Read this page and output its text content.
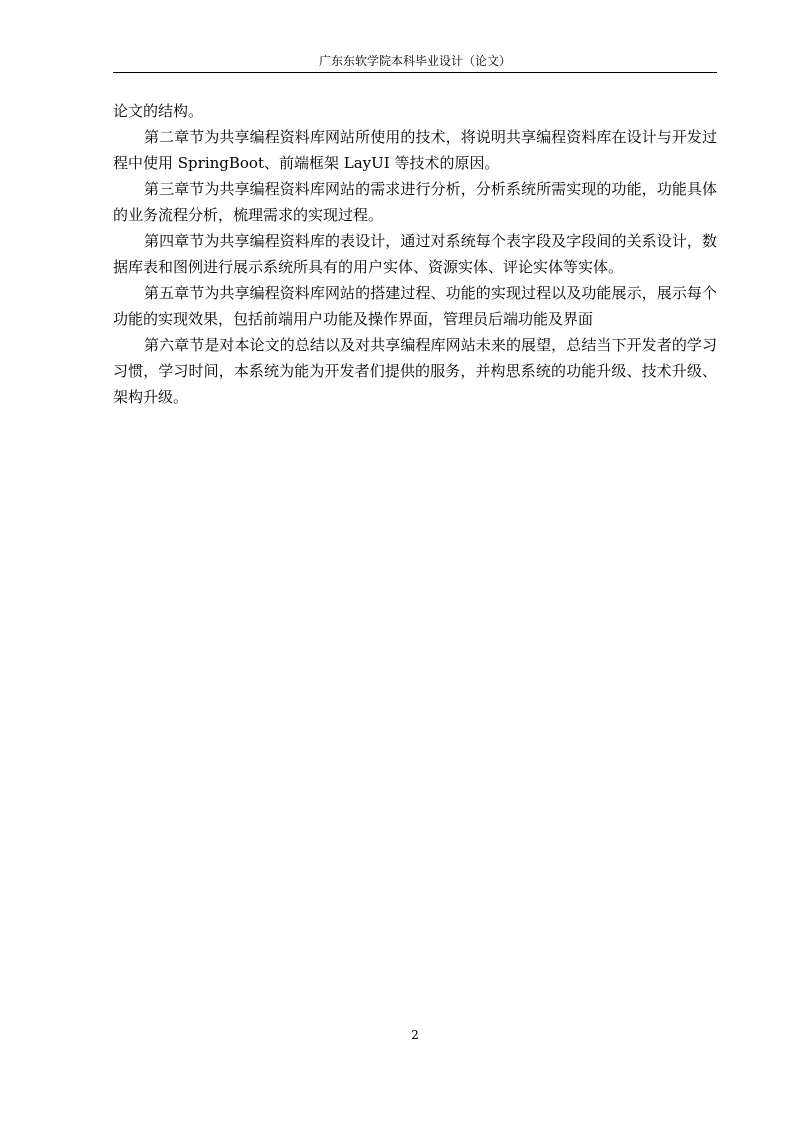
广东东软学院本科毕业设计（论文）

论文的结构。

第二章节为共享编程资料库网站所使用的技术，将说明共享编程资料库在设计与开发过程中使用 SpringBoot、前端框架 LayUI 等技术的原因。

第三章节为共享编程资料库网站的需求进行分析，分析系统所需实现的功能，功能具体的业务流程分析，梳理需求的实现过程。

第四章节为共享编程资料库的表设计，通过对系统每个表字段及字段间的关系设计，数据库表和图例进行展示系统所具有的用户实体、资源实体、评论实体等实体。

第五章节为共享编程资料库网站的搭建过程、功能的实现过程以及功能展示，展示每个功能的实现效果，包括前端用户功能及操作界面，管理员后端功能及界面

第六章节是对本论文的总结以及对共享编程库网站未来的展望，总结当下开发者的学习习惯，学习时间，本系统为能为开发者们提供的服务，并构思系统的功能升级、技术升级、架构升级。

2
